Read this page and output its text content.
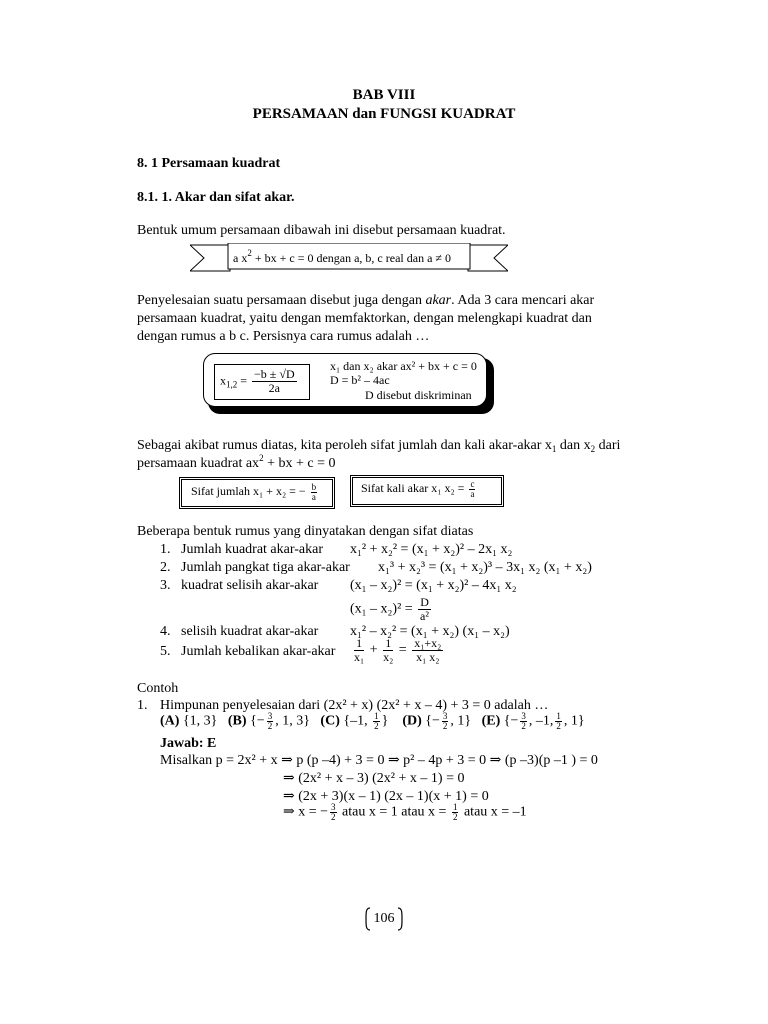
BAB VIII
PERSAMAAN dan FUNGSI KUADRAT
8. 1 Persamaan kuadrat
8.1. 1. Akar dan sifat akar.
Bentuk umum persamaan dibawah ini disebut persamaan kuadrat.
a $x^2$ + bx + c = 0 dengan a, b, c real dan a ≠ 0
Penyelesaian suatu persamaan disebut juga dengan akar. Ada 3 cara mencari akar
persamaan kuadrat, yaitu dengan memfaktorkan, dengan melengkapi kuadrat dan
dengan rumus a b c. Persisnya cara rumus adalah …
$x_{1,2} = \frac{-b \pm √D}{2a}$
x₁ dan x₂ akar ax² + bx + c = 0
D = b² – 4ac
D disebut diskriminan
Sebagai akibat rumus diatas, kita peroleh sifat jumlah dan kali akar-akar $x_1$ dan $x_2$ dari
persamaan kuadrat $ax^2$ + bx + c = 0
Sifat jumlah x₁ + x₂ = − $\frac{b}{a}$	Sifat kali akar x₁ $x_2 = \frac{c}{a}$
Beberapa bentuk rumus yang dinyatakan dengan sifat diatas
1. Jumlah kuadrat akar-akar x₁² + x₂² = (x₁ + x₂)² – 2x₁ x₂
2. Jumlah pangkat tiga akar-akar x₁³ + x₂³ = (x₁ + x₂)³ – 3x₁ x₂ (x₁ + x₂)
3. kuadrat selisih akar-akar (x₁ – x₂)² = (x₁ + x₂)² – 4x₁ x₂
$(x_1 - x_2)^2 = \frac{D}{\text{a²}}$
4. selisih kuadrat akar-akar x₁² – x₂² = (x₁ + x₂) (x₁ – x₂)
5. Jumlah kebalikan akar-akar $\frac{1}{\text{x₁}} + \frac{1}{\text{x₂}} = \frac{\text{x₁+x₂}}{\text{x₁ x₂}}$
Contoh
1. Himpunan penyelesaian dari (2x² + x) (2x² + x – 4) + 3 = 0 adalah …
(A) {1, 3} (B) {− $\frac{3}{2}$ , 1, 3} (C) {–1, $\frac{1}{2}$ } (D) {− $\frac{3}{2}$ , 1} (E) {− $\frac{3}{2}$ , –1, $\frac{1}{2}$ , 1}
Jawab: E
Misalkan p = 2x² + x ⇒ p (p –4) + 3 = 0 ⇒ p² – 4p + 3 = 0 ⇒ (p –3)(p –1 ) = 0
⇒ (2x² + x – 3) (2x² + x – 1) = 0
⇒ (2x + 3)(x – 1) (2x – 1)(x + 1) = 0
⇒ x = − $\frac{3}{2}$ atau x = 1 atau $x = \frac{1}{2}$ atau x = –1
106
